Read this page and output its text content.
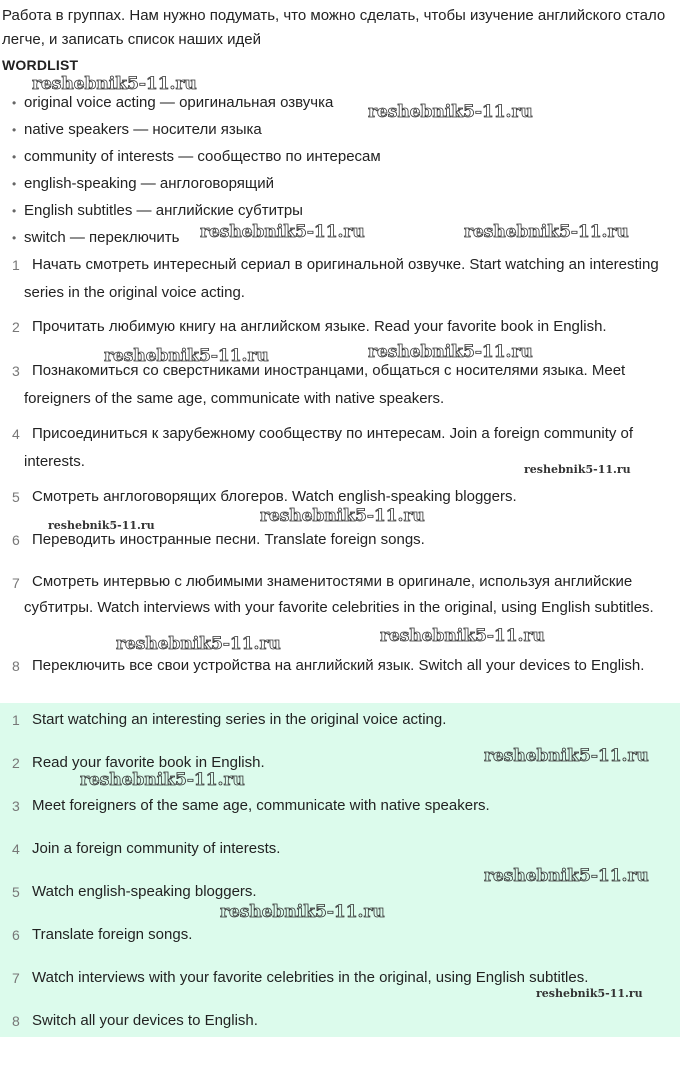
Работа в группах. Нам нужно подумать, что можно сделать, чтобы изучение английского стало легче, и записать список наших идей

WORDLIST
• original voice acting — оригинальная озвучка
• native speakers — носители языка
• community of interests — сообщество по интересам
• english-speaking — англоговорящий
• English subtitles — английские субтитры
• switch — переключить
1 Начать смотреть интересный сериал в оригинальной озвучке. Start watching an interesting series in the original voice acting.

2 Прочитать любимую книгу на английском языке. Read your favorite book in English.

3 Познакомиться со сверстниками иностранцами, общаться с носителями языка. Meet foreigners of the same age, communicate with native speakers.

4 Присоединиться к зарубежному сообществу по интересам. Join a foreign community of interests.

5 Смотреть англоговорящих блогеров. Watch english-speaking bloggers.

6 Переводить иностранные песни. Translate foreign songs.

7 Смотреть интервью с любимыми знаменитостями в оригинале, используя английские субтитры. Watch interviews with your favorite celebrities in the original, using English subtitles.

8 Переключить все свои устройства на английский язык. Switch all your devices to English.

1 Start watching an interesting series in the original voice acting.
2 Read your favorite book in English.
3 Meet foreigners of the same age, communicate with native speakers.
4 Join a foreign community of interests.
5 Watch english-speaking bloggers.
6 Translate foreign songs.
7 Watch interviews with your favorite celebrities in the original, using English subtitles.
8 Switch all your devices to English.
reshebnik5-11.ru
reshebnik5-11.ru
reshebnik5-11.ru	reshebnik5-11.ru
reshebnik5-11.ru	reshebnik5-11.ru
reshebnik5-11.ru
reshebnik5-11.ru	reshebnik5-11.ru
reshebnik5-11.ru	reshebnik5-11.ru
reshebnik5-11.ru
reshebnik5-11.ru
reshebnik5-11.ru
reshebnik5-11.ru
reshebnik5-11.ru
